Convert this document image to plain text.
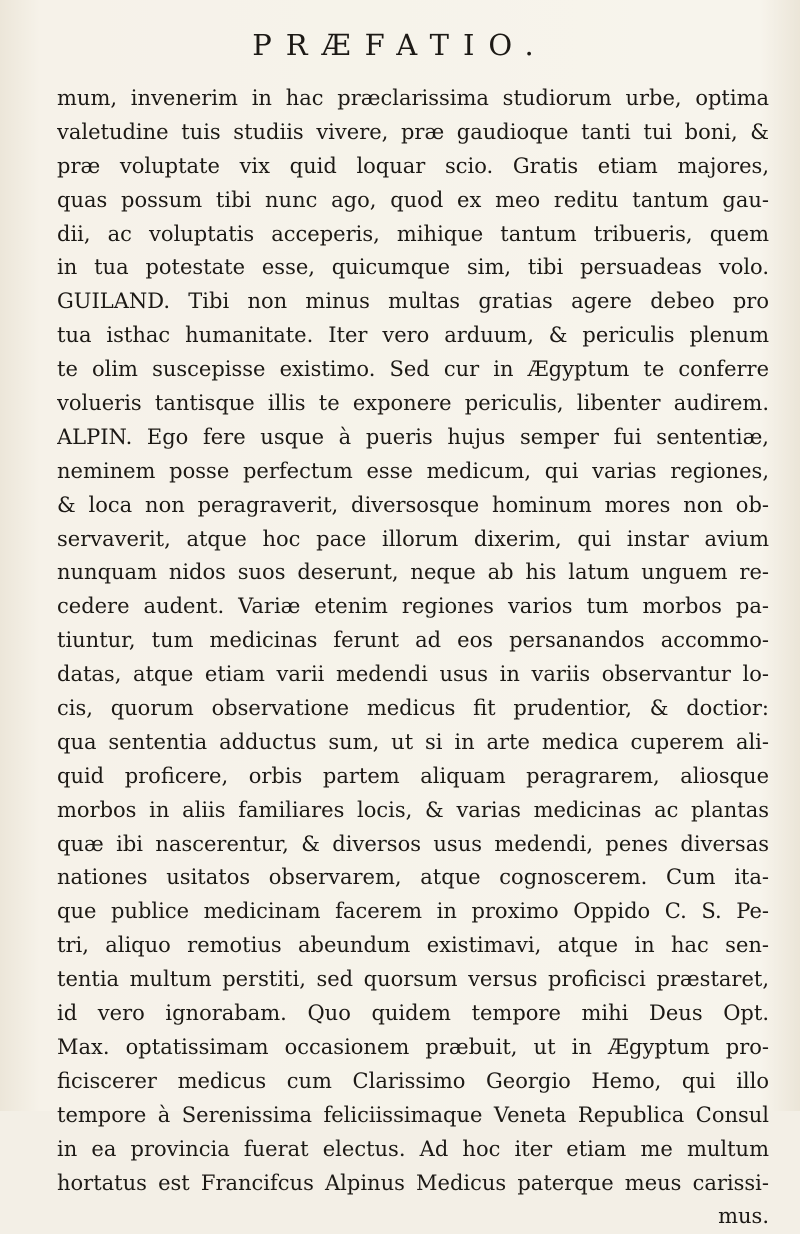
PRÆFATIO.
mum, invenerim in hac præclarissima studiorum urbe, optima
valetudine tuis studiis vivere, præ gaudioque tanti tui boni, &
præ voluptate vix quid loquar scio. Gratis etiam majores,
quas possum tibi nunc ago, quod ex meo reditu tantum gau-
dii, ac voluptatis acceperis, mihique tantum tribueris, quem
in tua potestate esse, quicumque sim, tibi persuadeas volo.
GUILAND. Tibi non minus multas gratias agere debeo pro
tua isthac humanitate. Iter vero arduum, & periculis plenum
te olim suscepisse existimo. Sed cur in Ægyptum te conferre
volueris tantisque illis te exponere periculis, libenter audirem.
ALPIN. Ego fere usque à pueris hujus semper fui sententiæ,
neminem posse perfectum esse medicum, qui varias regiones,
& loca non peragraverit, diversosque hominum mores non ob-
servaverit, atque hoc pace illorum dixerim, qui instar avium
nunquam nidos suos deserunt, neque ab his latum unguem re-
cedere audent. Variæ etenim regiones varios tum morbos pa-
tiuntur, tum medicinas ferunt ad eos persanandos accommo-
datas, atque etiam varii medendi usus in variis observantur lo-
cis, quorum observatione medicus fit prudentior, & doctior:
qua sententia adductus sum, ut si in arte medica cuperem ali-
quid proficere, orbis partem aliquam peragrarem, aliosque
morbos in aliis familiares locis, & varias medicinas ac plantas
quæ ibi nascerentur, & diversos usus medendi, penes diversas
nationes usitatos observarem, atque cognoscerem. Cum ita-
que publice medicinam facerem in proximo Oppido C. S. Pe-
tri, aliquo remotius abeundum existimavi, atque in hac sen-
tentia multum perstiti, sed quorsum versus proficisci præstaret,
id vero ignorabam. Quo quidem tempore mihi Deus Opt.
Max. optatissimam occasionem præbuit, ut in Ægyptum pro-
ficiscerer medicus cum Clarissimo Georgio Hemo, qui illo
tempore à Serenissima feliciissimaque Veneta Republica Consul
in ea provincia fuerat electus. Ad hoc iter etiam me multum
hortatus est Francifcus Alpinus Medicus paterque meus carissi-
mus.
